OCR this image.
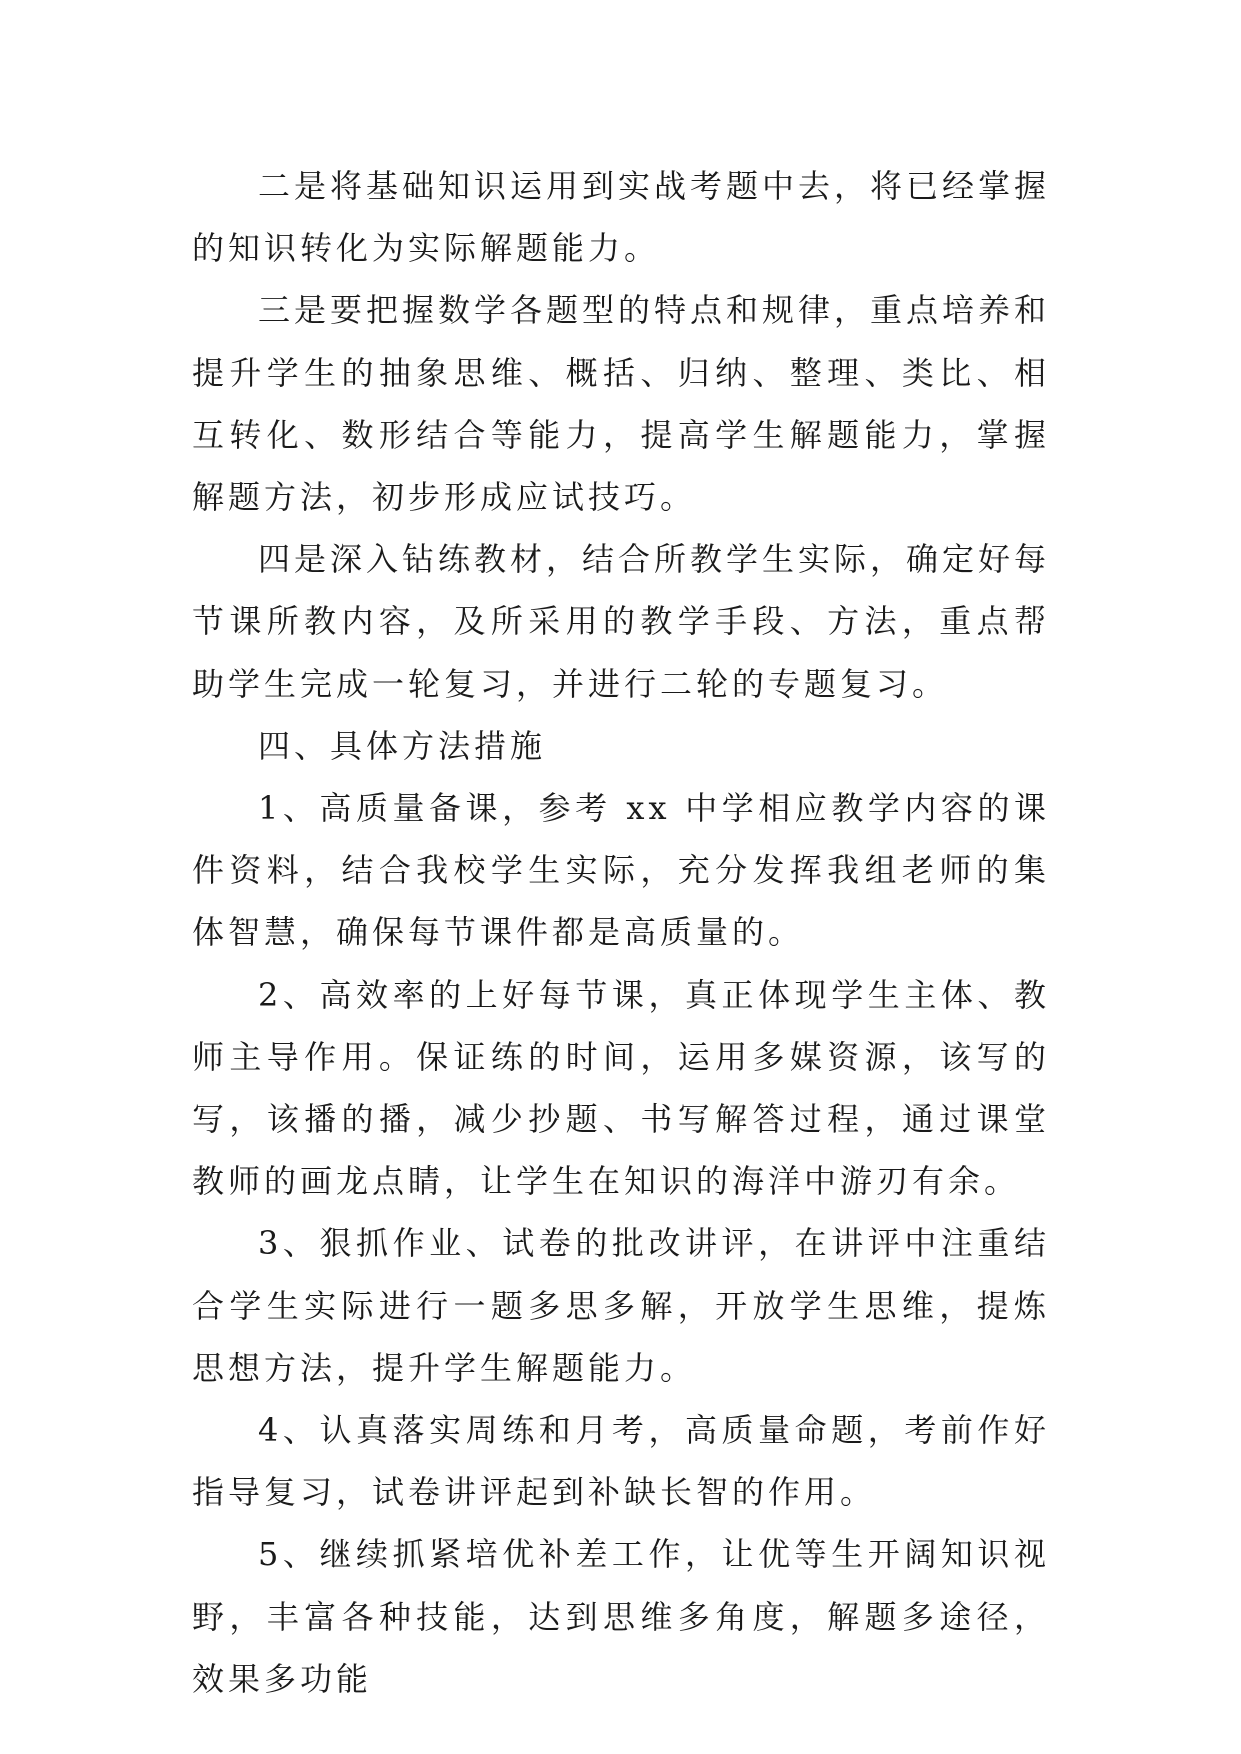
二是将基础知识运用到实战考题中去，将已经掌握的知识转化为实际解题能力。

三是要把握数学各题型的特点和规律，重点培养和提升学生的抽象思维、概括、归纳、整理、类比、相互转化、数形结合等能力，提高学生解题能力，掌握解题方法，初步形成应试技巧。

四是深入钻练教材，结合所教学生实际，确定好每节课所教内容，及所采用的教学手段、方法，重点帮助学生完成一轮复习，并进行二轮的专题复习。

四、具体方法措施

1、高质量备课，参考 xx 中学相应教学内容的课件资料，结合我校学生实际，充分发挥我组老师的集体智慧，确保每节课件都是高质量的。

2、高效率的上好每节课，真正体现学生主体、教师主导作用。保证练的时间，运用多媒资源，该写的写，该播的播，减少抄题、书写解答过程，通过课堂教师的画龙点睛，让学生在知识的海洋中游刃有余。

3、狠抓作业、试卷的批改讲评，在讲评中注重结合学生实际进行一题多思多解，开放学生思维，提炼思想方法，提升学生解题能力。

4、认真落实周练和月考，高质量命题，考前作好指导复习，试卷讲评起到补缺长智的作用。

5、继续抓紧培优补差工作，让优等生开阔知识视野，丰富各种技能，达到思维多角度，解题多途径，效果多功能
